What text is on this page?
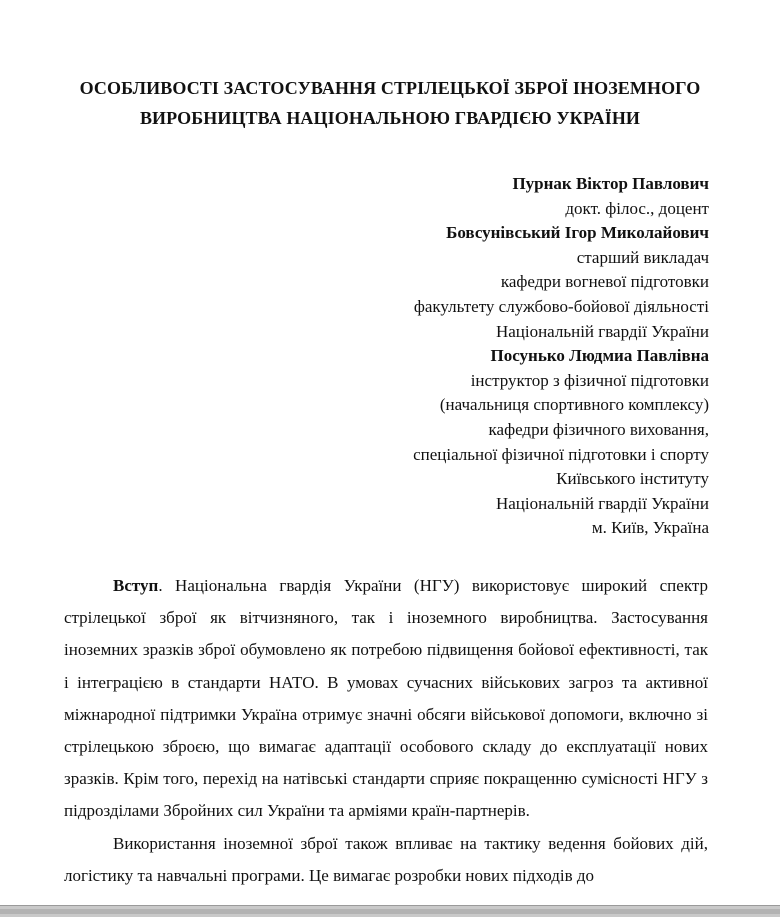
ОСОБЛИВОСТІ ЗАСТОСУВАННЯ СТРІЛЕЦЬКОЇ ЗБРОЇ ІНОЗЕМНОГО
ВИРОБНИЦТВА НАЦІОНАЛЬНОЮ ГВАРДІЄЮ УКРАЇНИ
Пурнак Віктор Павлович
докт. філос., доцент
Бовсунівський Ігор Миколайович
старший викладач
кафедри вогневої підготовки
факультету службово-бойової діяльності
Національній гвардії України
Посунько Людмиа Павлівна
інструктор з фізичної підготовки
(начальниця спортивного комплексу)
кафедри фізичного виховання,
спеціальної фізичної підготовки і спорту
Київського інституту
Національній гвардії України
м. Київ, Україна

Вступ. Національна гвардія України (НГУ) використовує широкий спектр стрілецької зброї як вітчизняного, так і іноземного виробництва. Застосування іноземних зразків зброї обумовлено як потребою підвищення бойової ефективності, так і інтеграцією в стандарти НАТО. В умовах сучасних військових загроз та активної міжнародної підтримки Україна отримує значні обсяги військової допомоги, включно зі стрілецькою зброєю, що вимагає адаптації особового складу до експлуатації нових зразків. Крім того, перехід на натівські стандарти сприяє покращенню сумісності НГУ з підрозділами Збройних сил України та арміями країн-партнерів.

Використання іноземної зброї також впливає на тактику ведення бойових дій, логістику та навчальні програми. Це вимагає розробки нових підходів до
